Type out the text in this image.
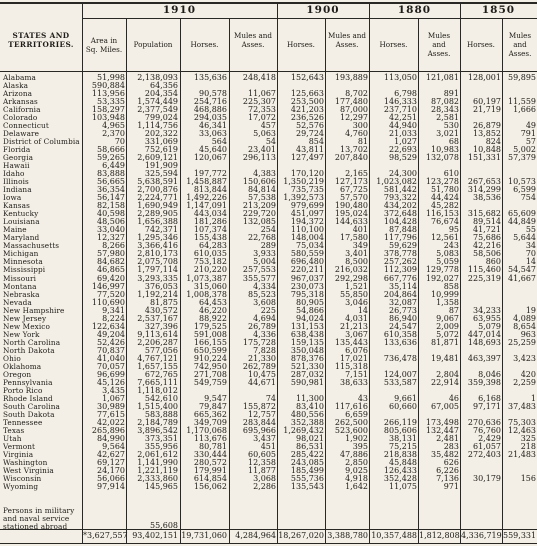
STATES AND TERRITORIES.
1910	1900	1880	1850
Area in Sq. Miles.
Population	Horses.
Mules and Asses.	Horses.
Mules and Asses.	Horses.
Mules and Asses.
Horses.
Mules and Asses.
Alabama	51,998	2,138,093	135,636	248,418	152,643	193,889	113,050	121,081	128,001 59,895
Alaska	590,884	64,356
Arizona	113,956	204,354	90,578	11,067	125,663	8,702	6,798	891
Arkansas	53,335	1,574,449	254,716	225,307	253,500	177,480	146,333	87,082	60,197 11,559
California	158,297	2,377,549	468,886	72,353	421,203	87,000	237,710	28,343	21,719	1,666
Colorado	103,948	799,024	294,035	17,072	236,526	12,297	42,251	2,581
Connecticut	4,965	1,114,756	46,341	457	52,576	300	44,940	530	26,879	49
Delaware	2,370	202,322	33,063	5,063	29,724	4,760	21,033	3,021	13,852	791
District of Columbia	70	331,069	564	54	854	81	1,027	68	824	57
Florida	58,666	752,619	45,640	23,401	43,811	13,702	22,693	10,983	10,848	5,002
Georgia	59,265	2,609,121	120,067	296,113	127,497	207,840	98,529	132,078	151,331 57,379
Hawaii	6,449	191,909
Idaho	83,888	325,594	197,772	4,383	170,120	2,165	24,300	610
Illinois	56,665	5,638,591	1,458,887	150,606 1,350,219	127,173	1,023,082	123,278	267,653 10,573
Indiana	36,354	2,700,876	813,844	84,814	735,735	67,725	581,442	51,780	314,299	6,599
Iowa	56,147	2,224,771	1,492,226	57,538 1,392,573	57,570	793,322	44,424	38,536	754
Kansas	82,158	1,690,949	1,147,091	213,209	979,699	190,480	434,202	45,282
Kentucky	40,598	2,289,905	443,034	229,720	451,097	195,024	372,648	116,153	315,682 65,609
Louisiana	48,506	1,656,388	181,286	132,085	194,372	144,633	104,428	76,674	89,514 44,849
Maine	33,040	742,371	107,374	254	110,100	401	87,848	95	41,721	55
Maryland	12,327	1,295,346	155,438	22,768	148,004	17,580	117,796	12,561	75,686	5,644
Massachusetts	8,266	3,366,416	64,283	289	75,034	349	59,629	243	42,216	34
Michigan	57,980	2,810,173	610,035	3,933	580,559	3,401	378,778	5,083	58,506	70
Minnesota	84,682	2,075,708	753,182	5,004	696,480	8,500	257,262	5,059	860	14
Mississippi	46,865	1,797,114	210,220	257,553	220,211	216,032	112,309	129,778	115,460 54,547
Missouri	69,420	3,293,335	1,073,387	355,577	967,037	292,298	667,776	192,027	225,319 41,667
Montana	146,997	376,053	315,060	4,334	230,073	1,521	35,114	858
Nebraska	77,520	1,192,214	1,008,378	85,523	795,318	55,850	204,864	10,999
Nevada	110,690	81,875	64,453	3,608	80,905	3,046	32,087	1,358
New Hampshire	9,341	430,572	46,220	225	54,866	14	26,773	87	34,233	19
New Jersey	8,224	2,537,167	88,922	4,694	94,024	4,031	86,940	9,067	63,955	4,089
New Mexico	122,634	327,396	179,525	26,789	131,153	21,213	24,547	2,009	5,079	8,654
New York	49,204	9,113,614	591,008	4,336	638,438	3,067	610,358	5,072	447,014	963
North Carolina	52,426	2,206,287	166,155	175,728	159,135	135,443	133,636	81,871	148,693 25,259
North Dakota	70,837	577,056	650,599	7,828	350,048	6,076
Ohio	41,040	4,767,121	910,224	21,330	878,376	17,021	736,478	19,481	463,397	3,423
Oklahoma	70,057	1,657,155	742,950	262,789	521,330	115,318
Oregon	96,699	672,765	271,708	10,475	287,032	7,151	124,007	2,804	8,046	420
Pennsylvania	45,126	7,665,111	549,759	44,671	590,981	38,633	533,587	22,914	359,398	2,259
Porto Rico	3,435	1,118,012
Rhode Island	1,067	542,610	9,547	74	11,300	43	9,661	46	6,168	1
South Carolina	30,989	1,515,400	79,847	155,872	83,410	117,616	60,660	67,005	97,171 37,483
South Dakota	77,615	583,888	665,362	12,757	480,556	6,659
Tennessee	42,022	2,184,789	349,709	283,844	352,388	262,500	266,119	173,498	270,636 75,303
Texas	265,896	3,896,542	1,170,068	695,966 1,269,432	523,600	805,606	132,447	76,760 12,463
Utah	84,990	373,351	113,676	3,437	98,021	1,902	38,131	2,481	2,429	325
Vermont	9,564	355,956	80,781	451	86,531	395	75,215	283	61,057	218
Virginia	42,627	2,061,612	330,444	60,605	285,422	47,886	218,838	35,482	272,403 21,483
Washington	69,127	1,141,990	280,572	12,358	243,085	2,850	45,848	626
West Virginia	24,170	1,221,119	179,991	11,877	185,499	9,025	126,433	6,226
Wisconsin	56,066	2,333,860	614,854	3,068	555,736	4,918	352,428	7,136	30,179	156
Wyoming	97,914	145,965	156,062	2,286	135,543	1,642	11,075	971
*3,627,557 93,402,151 19,731,060	4,284,964 18,267,020 3,388,780 10,357,488 1,812,808 4,336,719 559,331
Persons in military and naval service stationed abroad	55,608
